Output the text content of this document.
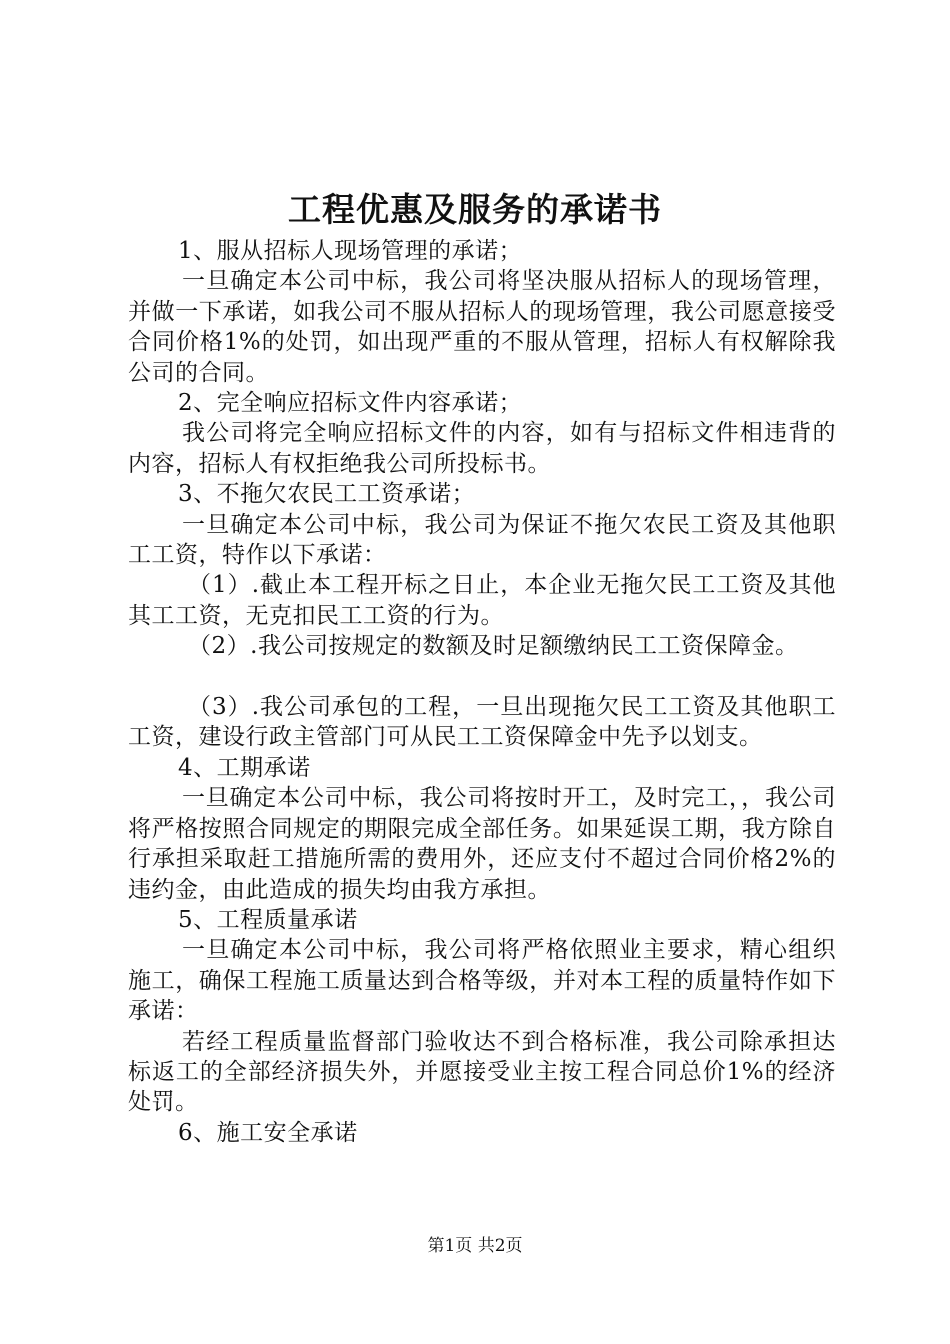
工程优惠及服务的承诺书

1、服从招标人现场管理的承诺；

一旦确定本公司中标，我公司将坚决服从招标人的现场管理，并做一下承诺，如我公司不服从招标人的现场管理，我公司愿意接受合同价格1%的处罚，如出现严重的不服从管理，招标人有权解除我公司的合同。

2、完全响应招标文件内容承诺；

我公司将完全响应招标文件的内容，如有与招标文件相违背的内容，招标人有权拒绝我公司所投标书。

3、不拖欠农民工工资承诺；

一旦确定本公司中标，我公司为保证不拖欠农民工资及其他职工工资，特作以下承诺：

（1）.截止本工程开标之日止，本企业无拖欠民工工资及其他其工工资，无克扣民工工资的行为。

（2）.我公司按规定的数额及时足额缴纳民工工资保障金。

（3）.我公司承包的工程，一旦出现拖欠民工工资及其他职工工资，建设行政主管部门可从民工工资保障金中先予以划支。

4、工期承诺

一旦确定本公司中标，我公司将按时开工，及时完工，，我公司将严格按照合同规定的期限完成全部任务。如果延误工期，我方除自行承担采取赶工措施所需的费用外，还应支付不超过合同价格2%的违约金，由此造成的损失均由我方承担。

5、工程质量承诺

一旦确定本公司中标，我公司将严格依照业主要求，精心组织施工，确保工程施工质量达到合格等级，并对本工程的质量特作如下承诺：

若经工程质量监督部门验收达不到合格标准，我公司除承担达标返工的全部经济损失外，并愿接受业主按工程合同总价1%的经济处罚。

6、施工安全承诺

第1页 共2页
